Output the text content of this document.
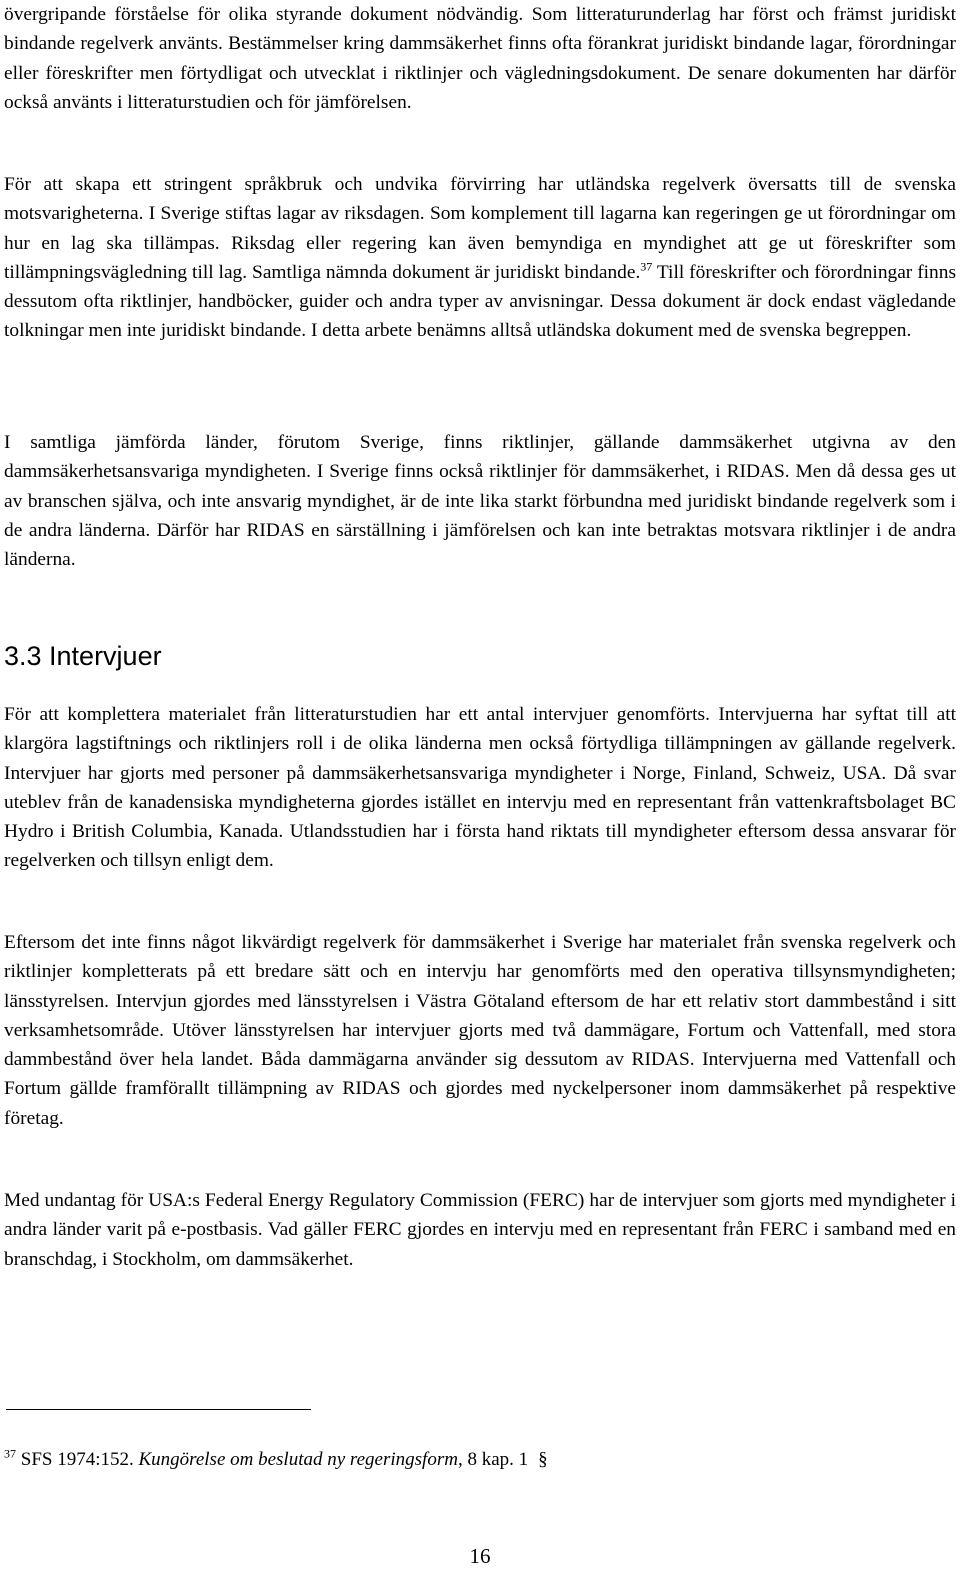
övergripande förståelse för olika styrande dokument nödvändig. Som litteraturunderlag har först och främst juridiskt bindande regelverk använts. Bestämmelser kring dammsäkerhet finns ofta förankrat juridiskt bindande lagar, förordningar eller föreskrifter men förtydligat och utvecklat i riktlinjer och vägledningsdokument. De senare dokumenten har därför också använts i litteraturstudien och för jämförelsen.

För att skapa ett stringent språkbruk och undvika förvirring har utländska regelverk översatts till de svenska motsvarigheterna. I Sverige stiftas lagar av riksdagen. Som komplement till lagarna kan regeringen ge ut förordningar om hur en lag ska tillämpas. Riksdag eller regering kan även bemyndiga en myndighet att ge ut föreskrifter som tillämpningsvägledning till lag. Samtliga nämnda dokument är juridiskt bindande.$^{37}$ Till föreskrifter och förordningar finns dessutom ofta riktlinjer, handböcker, guider och andra typer av anvisningar. Dessa dokument är dock endast vägledande tolkningar men inte juridiskt bindande. I detta arbete benämns alltså utländska dokument med de svenska begreppen.

I samtliga jämförda länder, förutom Sverige, finns riktlinjer, gällande dammsäkerhet utgivna av den dammsäkerhetsansvariga myndigheten. I Sverige finns också riktlinjer för dammsäkerhet, i RIDAS. Men då dessa ges ut av branschen själva, och inte ansvarig myndighet, är de inte lika starkt förbundna med juridiskt bindande regelverk som i de andra länderna. Därför har RIDAS en särställning i jämförelsen och kan inte betraktas motsvara riktlinjer i de andra länderna.

3.3 Intervjuer

För att komplettera materialet från litteraturstudien har ett antal intervjuer genomförts. Intervjuerna har syftat till att klargöra lagstiftnings och riktlinjers roll i de olika länderna men också förtydliga tillämpningen av gällande regelverk. Intervjuer har gjorts med personer på dammsäkerhetsansvariga myndigheter i Norge, Finland, Schweiz, USA. Då svar uteblev från de kanadensiska myndigheterna gjordes istället en intervju med en representant från vattenkraftsbolaget BC Hydro i British Columbia, Kanada. Utlandsstudien har i första hand riktats till myndigheter eftersom dessa ansvarar för regelverken och tillsyn enligt dem.

Eftersom det inte finns något likvärdigt regelverk för dammsäkerhet i Sverige har materialet från svenska regelverk och riktlinjer kompletterats på ett bredare sätt och en intervju har genomförts med den operativa tillsynsmyndigheten; länsstyrelsen. Intervjun gjordes med länsstyrelsen i Västra Götaland eftersom de har ett relativ stort dammbestånd i sitt verksamhetsområde. Utöver länsstyrelsen har intervjuer gjorts med två dammägare, Fortum och Vattenfall, med stora dammbestånd över hela landet. Båda dammägarna använder sig dessutom av RIDAS. Intervjuerna med Vattenfall och Fortum gällde framförallt tillämpning av RIDAS och gjordes med nyckelpersoner inom dammsäkerhet på respektive företag.

Med undantag för USA:s Federal Energy Regulatory Commission (FERC) har de intervjuer som gjorts med myndigheter i andra länder varit på e-postbasis. Vad gäller FERC gjordes en intervju med en representant från FERC i samband med en branschdag, i Stockholm, om dammsäkerhet.

$^{37}$ SFS 1974:152. Kungörelse om beslutad ny regeringsform, 8 kap. 1 §

16
